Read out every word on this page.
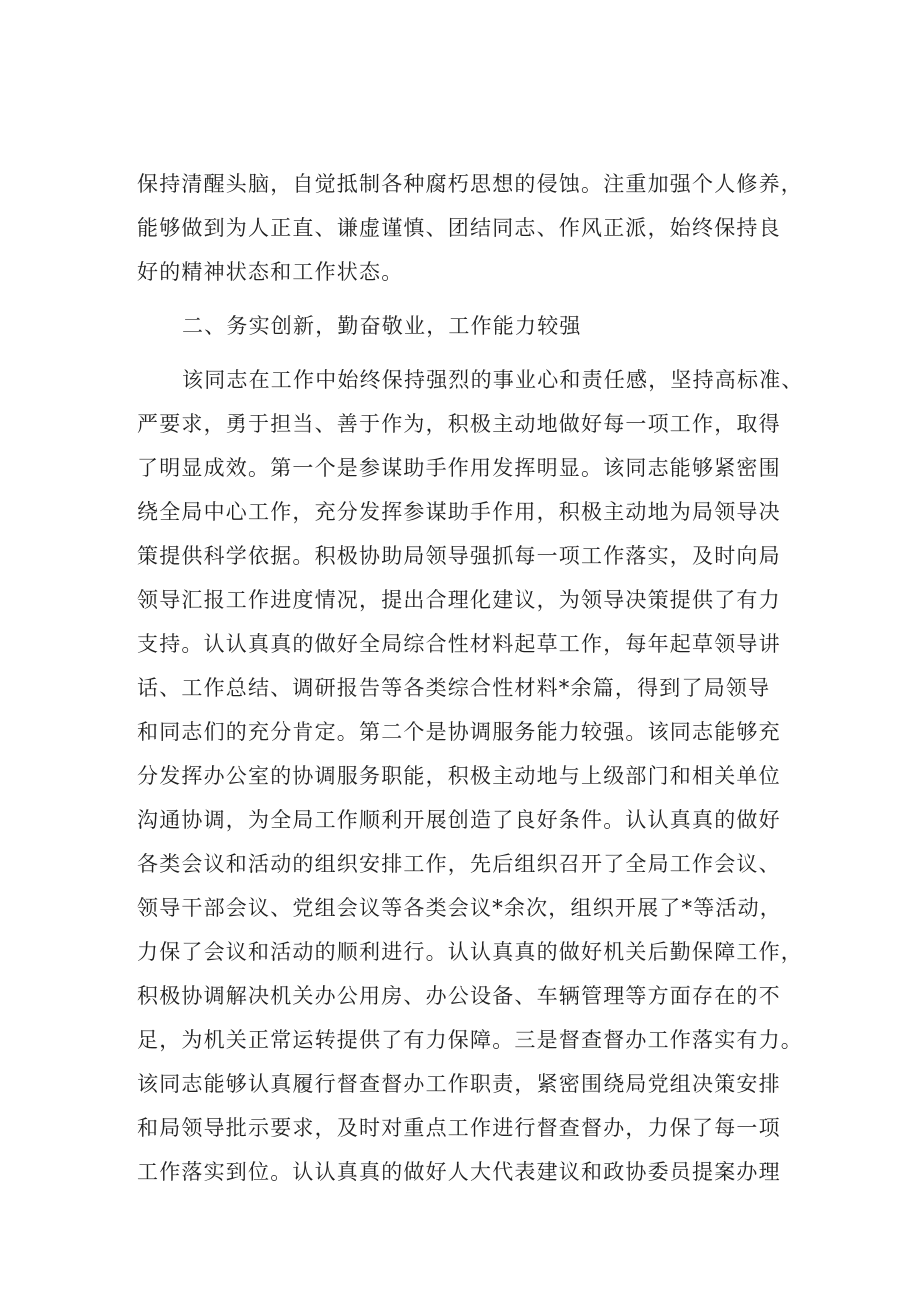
保持清醒头脑，自觉抵制各种腐朽思想的侵蚀。注重加强个人修养，
能够做到为人正直、谦虚谨慎、团结同志、作风正派，始终保持良
好的精神状态和工作状态。
二、务实创新，勤奋敬业，工作能力较强
该同志在工作中始终保持强烈的事业心和责任感，坚持高标准、
严要求，勇于担当、善于作为，积极主动地做好每一项工作，取得
了明显成效。第一个是参谋助手作用发挥明显。该同志能够紧密围
绕全局中心工作，充分发挥参谋助手作用，积极主动地为局领导决
策提供科学依据。积极协助局领导强抓每一项工作落实，及时向局
领导汇报工作进度情况，提出合理化建议，为领导决策提供了有力
支持。认认真真的做好全局综合性材料起草工作，每年起草领导讲
话、工作总结、调研报告等各类综合性材料*余篇，得到了局领导
和同志们的充分肯定。第二个是协调服务能力较强。该同志能够充
分发挥办公室的协调服务职能，积极主动地与上级部门和相关单位
沟通协调，为全局工作顺利开展创造了良好条件。认认真真的做好
各类会议和活动的组织安排工作，先后组织召开了全局工作会议、
领导干部会议、党组会议等各类会议*余次，组织开展了*等活动，
力保了会议和活动的顺利进行。认认真真的做好机关后勤保障工作，
积极协调解决机关办公用房、办公设备、车辆管理等方面存在的不
足，为机关正常运转提供了有力保障。三是督查督办工作落实有力。
该同志能够认真履行督查督办工作职责，紧密围绕局党组决策安排
和局领导批示要求，及时对重点工作进行督查督办，力保了每一项
工作落实到位。认认真真的做好人大代表建议和政协委员提案办理
